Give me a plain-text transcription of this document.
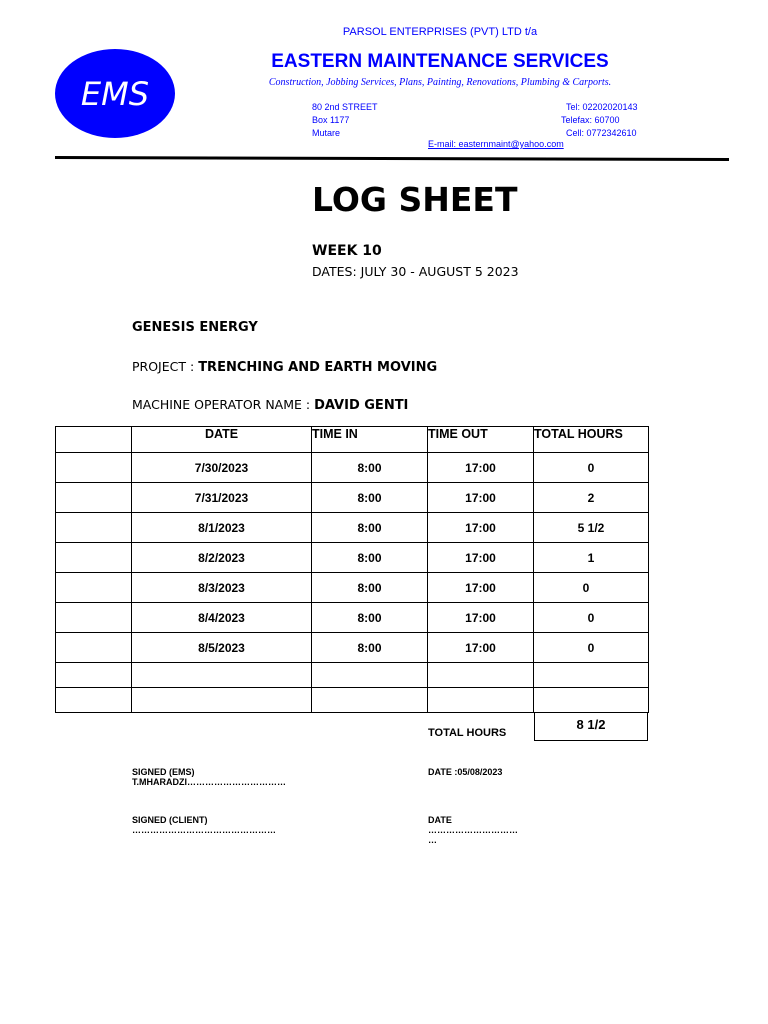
EMS
PARSOL ENTERPRISES (PVT) LTD t/a
EASTERN MAINTENANCE SERVICES
Construction, Jobbing Services, Plans, Painting, Renovations, Plumbing & Carports.
80 2nd STREET
Box 1177
Mutare
Tel: 02202020143
Telefax: 60700
Cell: 0772342610
E-mail: easternmaint@yahoo.com
LOG SHEET
WEEK 10
DATES: JULY 30 - AUGUST 5 2023
GENESIS ENERGY
PROJECT : TRENCHING AND EARTH MOVING
MACHINE OPERATOR NAME : DAVID GENTI
	DATE	TIME IN	TIME OUT	TOTAL HOURS
	7/30/2023	8:00	17:00	0
	7/31/2023	8:00	17:00	2
	8/1/2023	8:00	17:00	5 1/2
	8/2/2023	8:00	17:00	1
	8/3/2023	8:00	17:00	0
	8/4/2023	8:00	17:00	0
	8/5/2023	8:00	17:00	0

TOTAL HOURS
8 1/2
SIGNED (EMS)
T.MHARADZI……………………………
DATE :05/08/2023
SIGNED (CLIENT)
…………………………………………
DATE
…………………………
…
